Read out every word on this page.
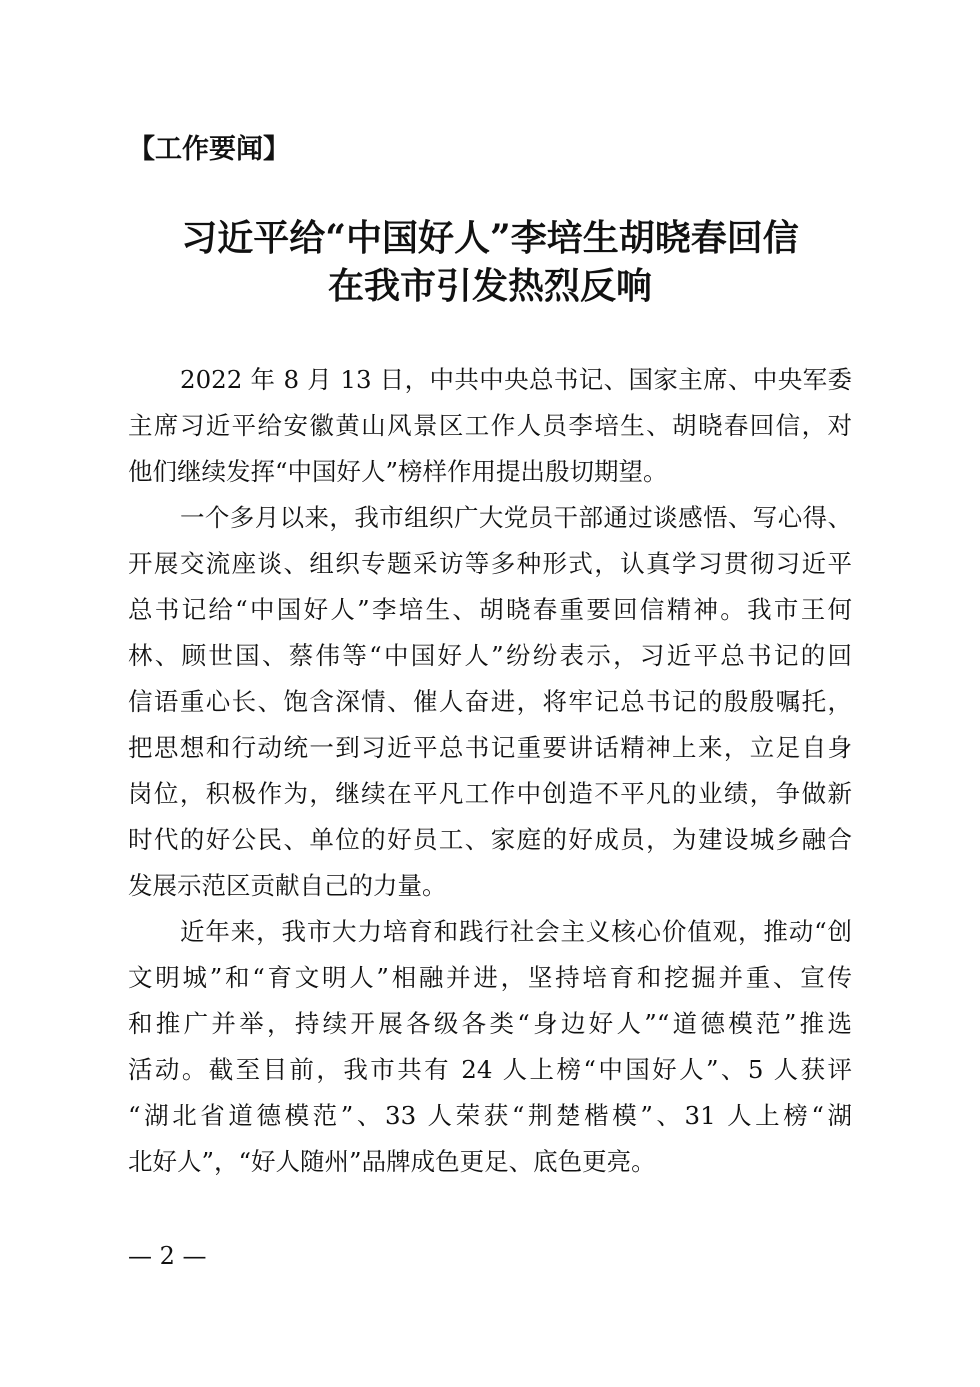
【工作要闻】
习近平给“中国好人”李培生胡晓春回信
在我市引发热烈反响

2022 年 8 月 13 日，中共中央总书记、国家主席、中央军委
主席习近平给安徽黄山风景区工作人员李培生、胡晓春回信，对
他们继续发挥“中国好人”榜样作用提出殷切期望。

一个多月以来，我市组织广大党员干部通过谈感悟、写心得、
开展交流座谈、组织专题采访等多种形式，认真学习贯彻习近平
总书记给“中国好人”李培生、胡晓春重要回信精神。我市王何
林、顾世国、蔡伟等“中国好人”纷纷表示，习近平总书记的回
信语重心长、饱含深情、催人奋进，将牢记总书记的殷殷嘱托，
把思想和行动统一到习近平总书记重要讲话精神上来，立足自身
岗位，积极作为，继续在平凡工作中创造不平凡的业绩，争做新
时代的好公民、单位的好员工、家庭的好成员，为建设城乡融合
发展示范区贡献自己的力量。

近年来，我市大力培育和践行社会主义核心价值观，推动“创
文明城”和“育文明人”相融并进，坚持培育和挖掘并重、宣传
和推广并举，持续开展各级各类“身边好人”“道德模范”推选
活动。截至目前，我市共有 24 人上榜“中国好人”、5 人获评
“湖北省道德模范”、33 人荣获“荆楚楷模”、31 人上榜“湖
北好人”，“好人随州”品牌成色更足、底色更亮。

— 2 —
